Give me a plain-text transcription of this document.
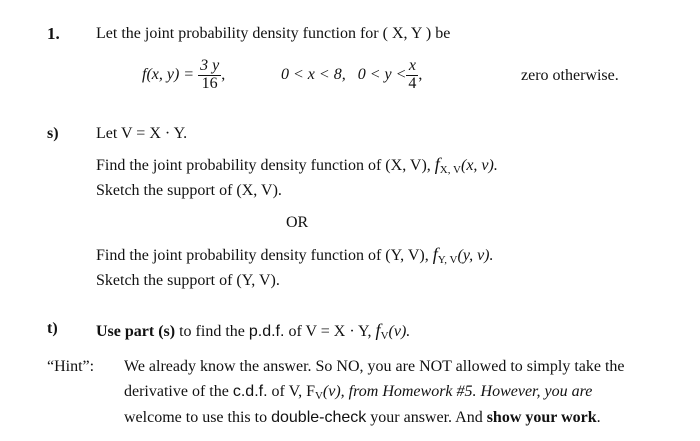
1. Let the joint probability density function for ( X, Y ) be
f(x, $y) = \frac{3 y}{16}$ ,	0 < x < 8, $0 < y < \frac{x}{4}$ ,	zero otherwise.
s) Let V = X · Y.
Find the joint probability density function of (X, V), $f_{X, V}(x$, v).
Sketch the support of (X, V).
OR
Find the joint probability density function of (Y, V), $f_{Y, V}(y$, v).
Sketch the support of (Y, V).
t) Use part (s) to find the p.d.f. of V = X · Y, $f_V(v)$.
“Hint”: We already know the answer. So NO, you are NOT allowed to simply take the
derivative of the c.d.f. of V, $F_V(v)$, from Homework #5. However, you are
welcome to use this to double-check your answer. And show your work.
